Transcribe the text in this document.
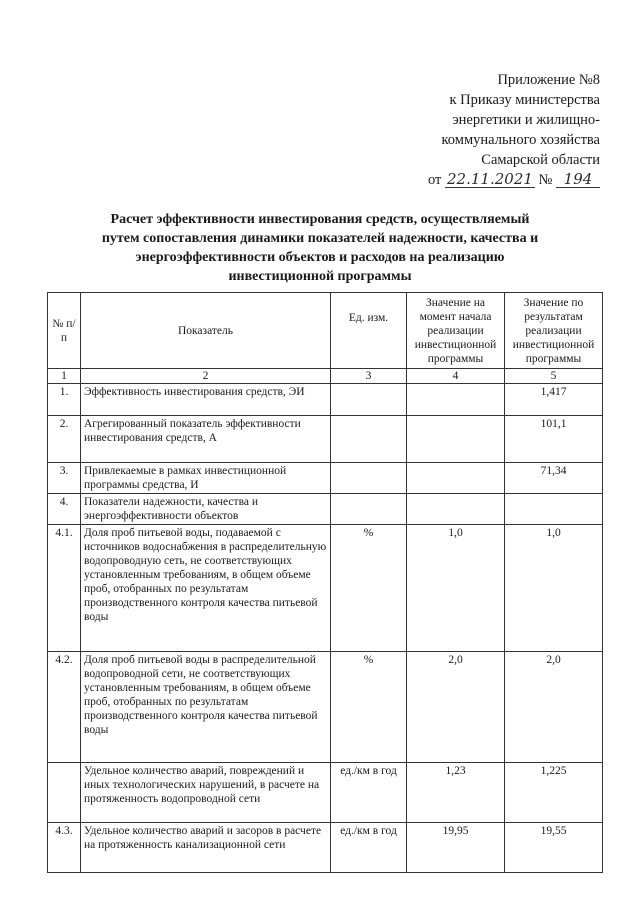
Приложение №8
к Приказу министерства
энергетики и жилищно-
коммунального хозяйства
Самарской области
от 22.11.2021 № 194
Расчет эффективности инвестирования средств, осуществляемый путем сопоставления динамики показателей надежности, качества и энергоэффективности объектов и расходов на реализацию инвестиционной программы
№ п/п	Показатель	Ед. изм.	Значение на момент начала реализации инвестиционной программы	Значение по результатам реализации инвестиционной программы
1	2	3	4	5
1.	Эффективность инвестирования средств, ЭИ			1,417
2.	Агрегированный показатель эффективности инвестирования средств, А			101,1
3.	Привлекаемые в рамках инвестиционной программы средства, И			71,34
4.	Показатели надежности, качества и энергоэффективности объектов			
4.1.	Доля проб питьевой воды, подаваемой с источников водоснабжения в распределительную водопроводную сеть, не соответствующих установленным требованиям, в общем объеме проб, отобранных по результатам производственного контроля качества питьевой воды	%	1,0	1,0
4.2.	Доля проб питьевой воды в распределительной водопроводной сети, не соответствующих установленным требованиям, в общем объеме проб, отобранных по результатам производственного контроля качества питьевой воды	%	2,0	2,0
	Удельное количество аварий, повреждений и иных технологических нарушений, в расчете на протяженность водопроводной сети	ед./км в год	1,23	1,225
4.3.	Удельное количество аварий и засоров в расчете на протяженность канализационной сети	ед./км в год	19,95	19,55
